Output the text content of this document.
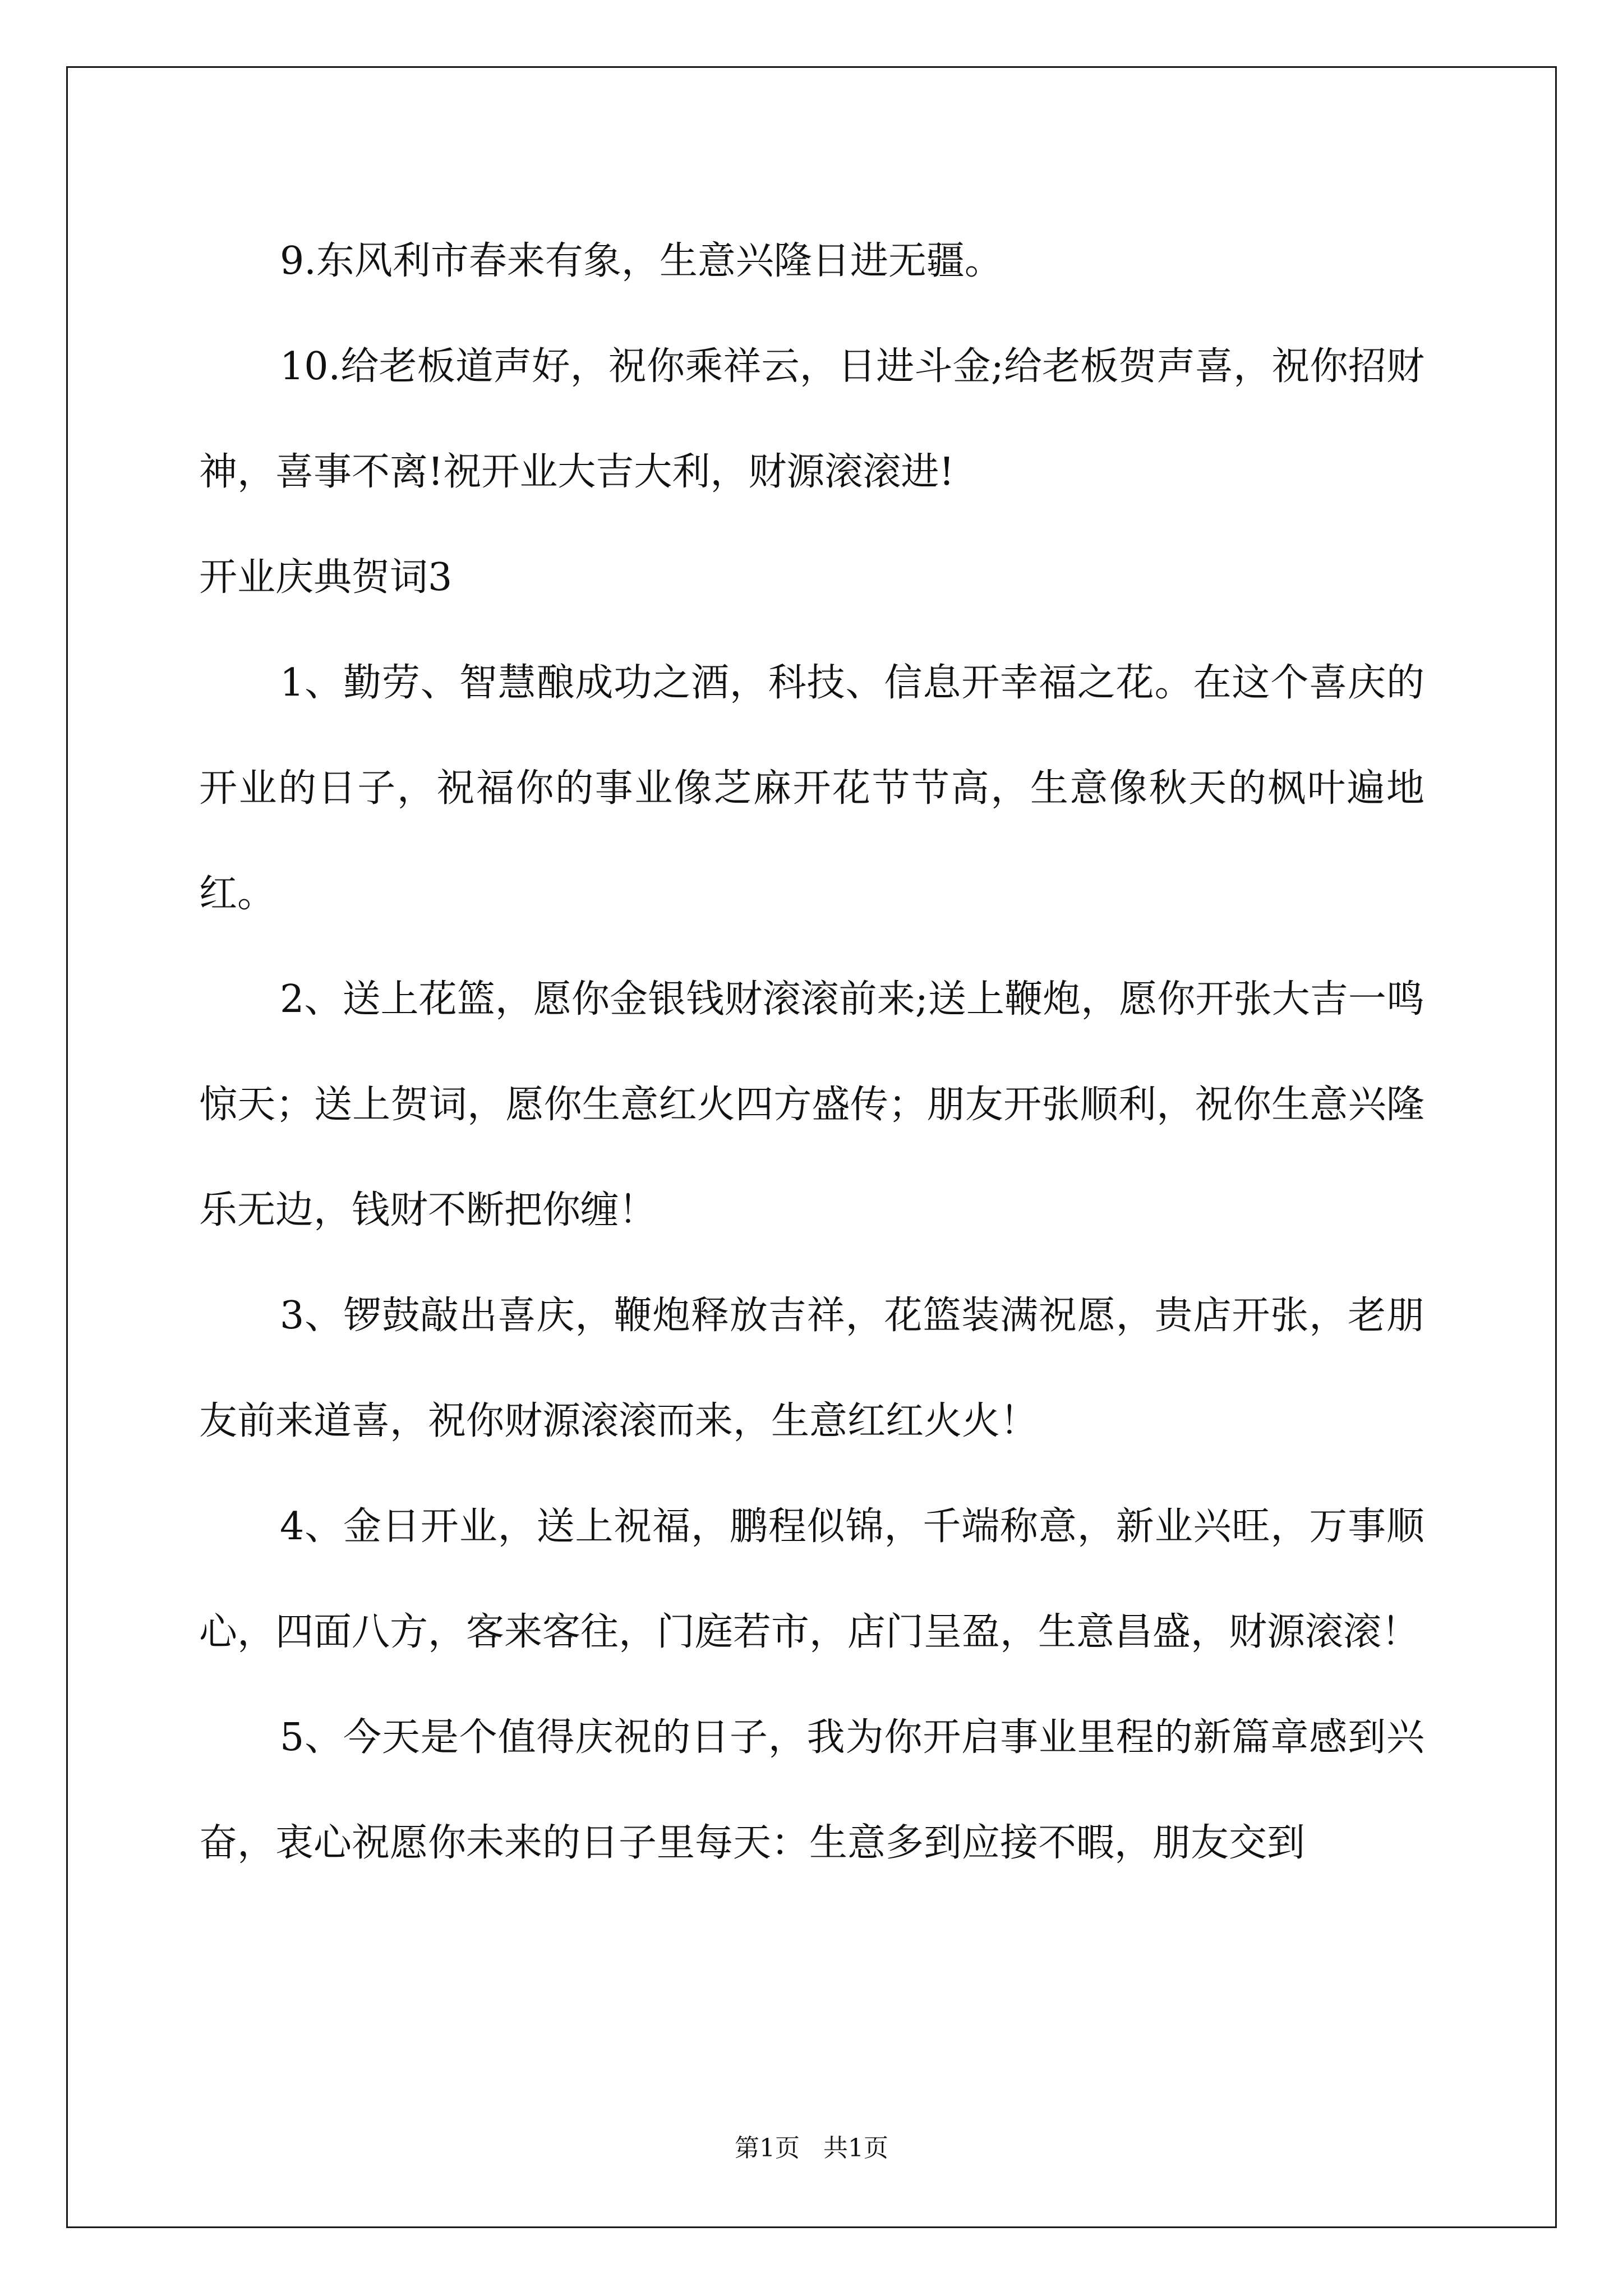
9.东风利市春来有象，生意兴隆日进无疆。

10.给老板道声好，祝你乘祥云，日进斗金;给老板贺声喜，祝你招财神，喜事不离!祝开业大吉大利，财源滚滚进!

开业庆典贺词3

1、勤劳、智慧酿成功之酒，科技、信息开幸福之花。在这个喜庆的开业的日子，祝福你的事业像芝麻开花节节高，生意像秋天的枫叶遍地红。

2、送上花篮，愿你金银钱财滚滚前来;送上鞭炮，愿你开张大吉一鸣惊天；送上贺词，愿你生意红火四方盛传；朋友开张顺利，祝你生意兴隆乐无边，钱财不断把你缠！

3、锣鼓敲出喜庆，鞭炮释放吉祥，花篮装满祝愿，贵店开张，老朋友前来道喜，祝你财源滚滚而来，生意红红火火！

4、金日开业，送上祝福，鹏程似锦，千端称意，新业兴旺，万事顺心，四面八方，客来客往，门庭若市，店门呈盈，生意昌盛，财源滚滚！

5、今天是个值得庆祝的日子，我为你开启事业里程的新篇章感到兴奋，衷心祝愿你未来的日子里每天：生意多到应接不暇，朋友交到

第1页 共1页
